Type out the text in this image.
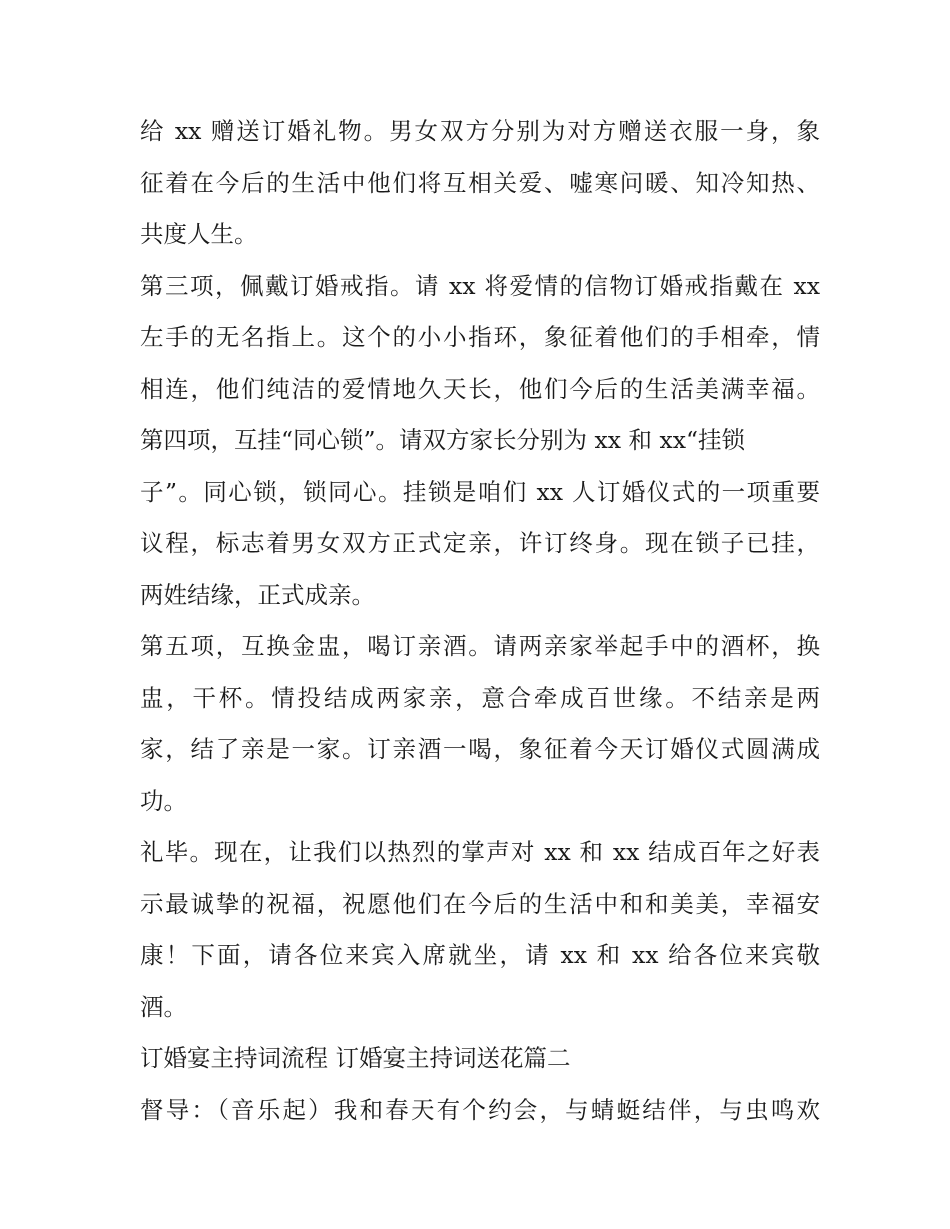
给 xx 赠送订婚礼物。男女双方分别为对方赠送衣服一身，象
征着在今后的生活中他们将互相关爱、嘘寒问暖、知冷知热、
共度人生。
第三项，佩戴订婚戒指。请 xx 将爱情的信物订婚戒指戴在 xx
左手的无名指上。这个的小小指环，象征着他们的手相牵，情
相连，他们纯洁的爱情地久天长，他们今后的生活美满幸福。
第四项，互挂“同心锁”。请双方家长分别为 xx 和 xx“挂锁
子”。同心锁，锁同心。挂锁是咱们 xx 人订婚仪式的一项重要
议程，标志着男女双方正式定亲，许订终身。现在锁子已挂，
两姓结缘，正式成亲。
第五项，互换金盅，喝订亲酒。请两亲家举起手中的酒杯，换
盅，干杯。情投结成两家亲，意合牵成百世缘。不结亲是两
家，结了亲是一家。订亲酒一喝，象征着今天订婚仪式圆满成
功。
礼毕。现在，让我们以热烈的掌声对 xx 和 xx 结成百年之好表
示最诚挚的祝福，祝愿他们在今后的生活中和和美美，幸福安
康！下面，请各位来宾入席就坐，请 xx 和 xx 给各位来宾敬
酒。
订婚宴主持词流程 订婚宴主持词送花篇二
督导：（音乐起）我和春天有个约会，与蜻蜓结伴，与虫鸣欢
